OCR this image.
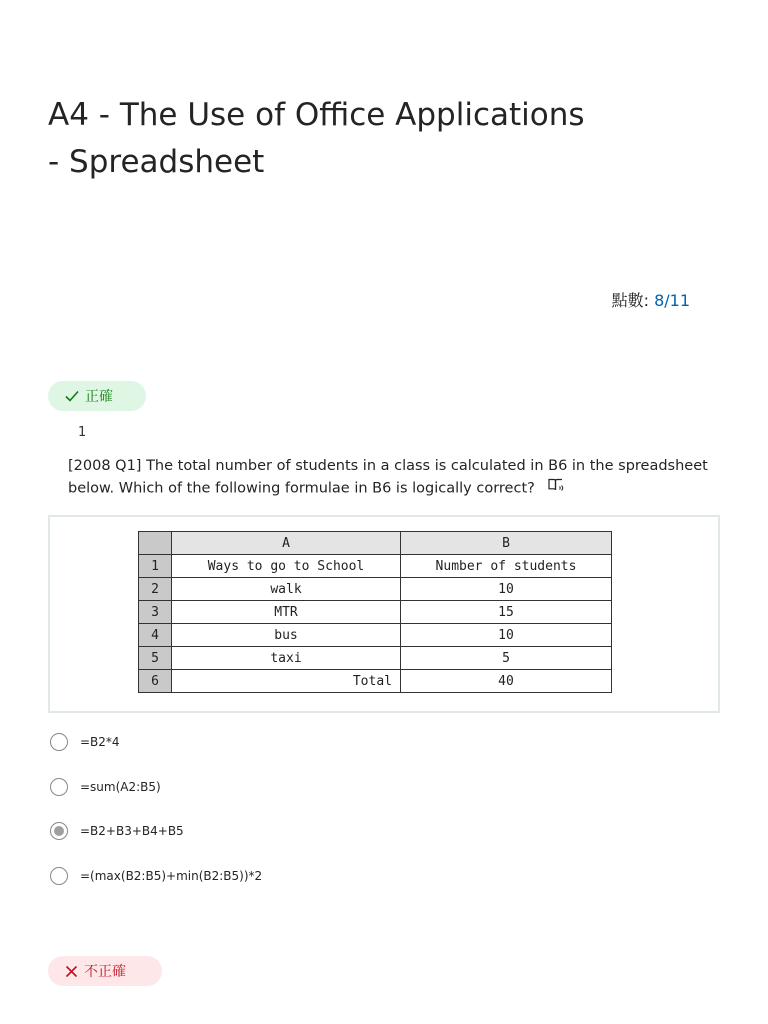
A4 - The Use of Office Applications
- Spreadsheet
點數: 8/11
正確
1
[2008 Q1] The total number of students in a class is calculated in B6 in the spreadsheet below. Which of the following formulae in B6 is logically correct?
	A	B
1	Ways to go to School	Number of students
2	walk	10
3	MTR	15
4	bus	10
5	taxi	5
6	Total	40
=B2*4
=sum(A2:B5)
=B2+B3+B4+B5
=(max(B2:B5)+min(B2:B5))*2
不正確
